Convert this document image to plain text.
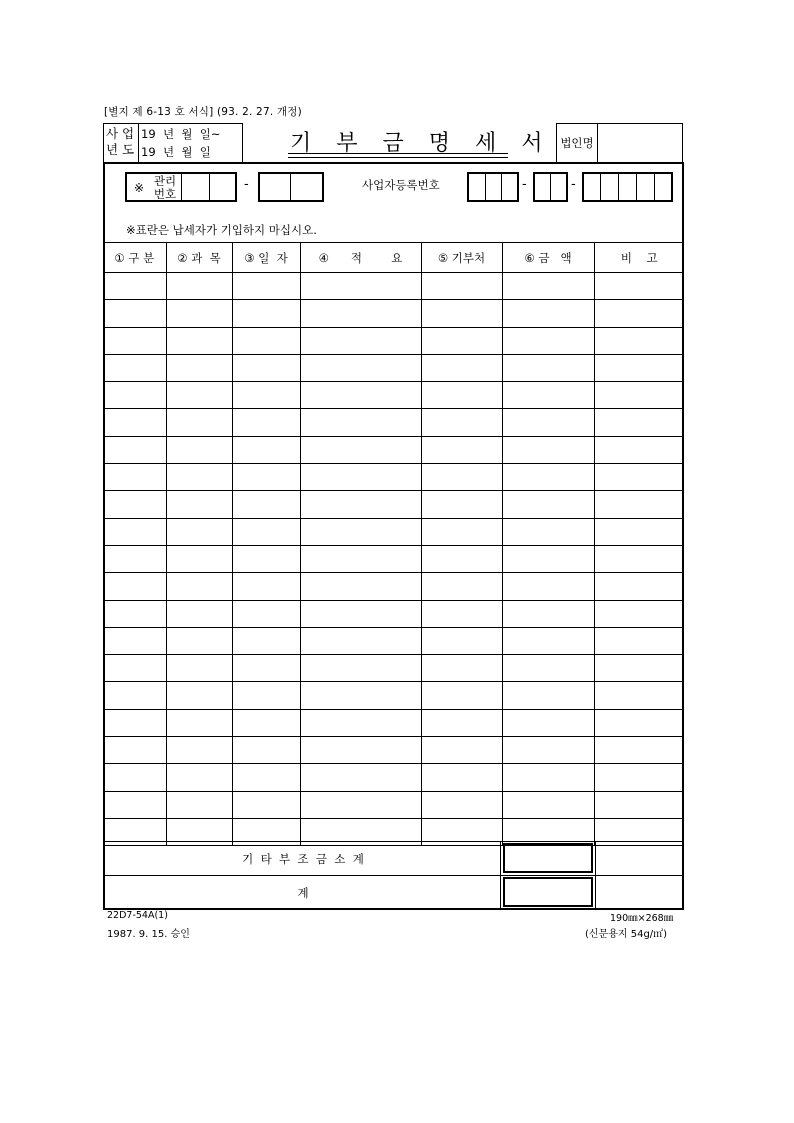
[별지 제 6-13 호 서식] (93. 2. 27. 개정)
사 업
년 도
19  년  월  일~
19  년  월  일	기 부 금 명 세 서 법인명
※ 관리
번호
-	사업자등록번호	-	-
※표란은 납세자가 기입하지 마십시오.
① 구 분	② 과  목	③ 일  자	④      적        요	⑤ 기부처	⑥ 금   액	비    고

기  타  부  조  금  소  계
계
22D7-54A(1)
1987. 9. 15. 승인
190㎜×268㎜
(신문용지 54g/㎡)
